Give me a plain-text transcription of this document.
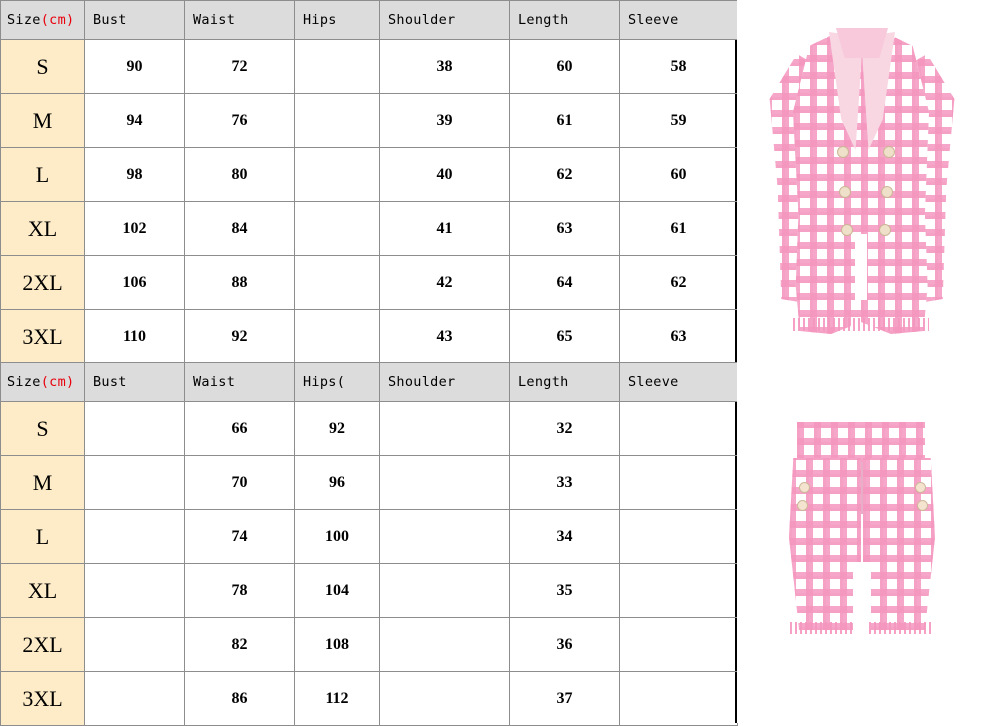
Size(cm)	Bust	Waist	Hips	Shoulder	Length	Sleeve
S	90	72		38	60	58
M	94	76		39	61	59
L	98	80		40	62	60
XL	102	84		41	63	61
2XL	106	88		42	64	62
3XL	110	92		43	65	63
Size(cm)	Bust	Waist	Hips(	Shoulder	Length	Sleeve
S		66	92		32	
M		70	96		33	
L		74	100		34	
XL		78	104		35	
2XL		82	108		36	
3XL		86	112		37	
